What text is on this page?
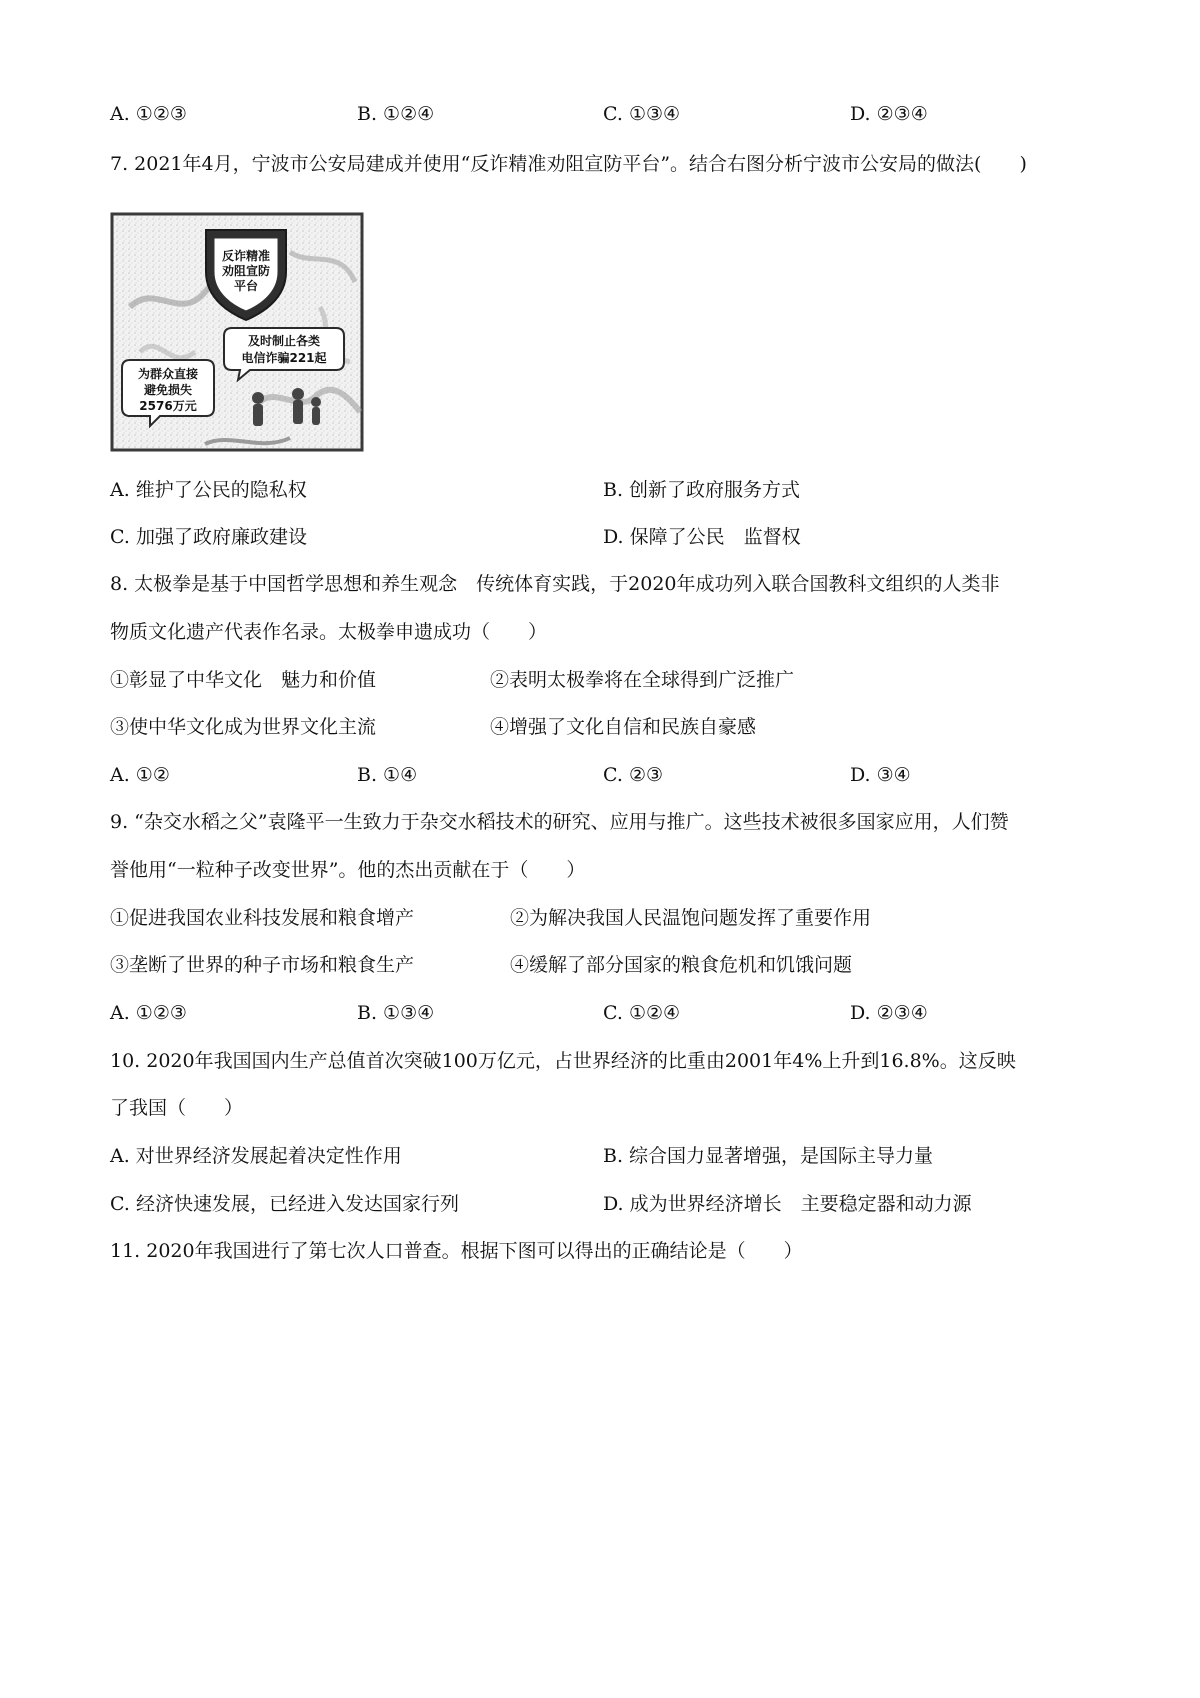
A. ①②③	B. ①②④	C. ①③④	D. ②③④
7. 2021年4月，宁波市公安局建成并使用“反诈精准劝阻宣防平台”。结合右图分析宁波市公安局的做法(　　)
反诈精准
劝阻宣防
平台
及时制止各类
电信诈骗221起
为群众直接
避免损失
2576万元
A. 维护了公民的隐私权	B. 创新了政府服务方式
C. 加强了政府廉政建设	D. 保障了公民　监督权
8. 太极拳是基于中国哲学思想和养生观念　传统体育实践，于2020年成功列入联合国教科文组织的人类非
物质文化遗产代表作名录。太极拳申遗成功（　　）
①彰显了中华文化　魅力和价值	②表明太极拳将在全球得到广泛推广
③使中华文化成为世界文化主流	④增强了文化自信和民族自豪感
A. ①②	B. ①④	C. ②③	D. ③④
9. “杂交水稻之父”袁隆平一生致力于杂交水稻技术的研究、应用与推广。这些技术被很多国家应用，人们赞
誉他用“一粒种子改变世界”。他的杰出贡献在于（　　）
①促进我国农业科技发展和粮食增产	②为解决我国人民温饱问题发挥了重要作用
③垄断了世界的种子市场和粮食生产	④缓解了部分国家的粮食危机和饥饿问题
A. ①②③	B. ①③④	C. ①②④	D. ②③④
10. 2020年我国国内生产总值首次突破100万亿元，占世界经济的比重由2001年4%上升到16.8%。这反映
了我国（　　）
A. 对世界经济发展起着决定性作用	B. 综合国力显著增强，是国际主导力量
C. 经济快速发展，已经进入发达国家行列	D. 成为世界经济增长　主要稳定器和动力源
11. 2020年我国进行了第七次人口普查。根据下图可以得出的正确结论是（　　）
